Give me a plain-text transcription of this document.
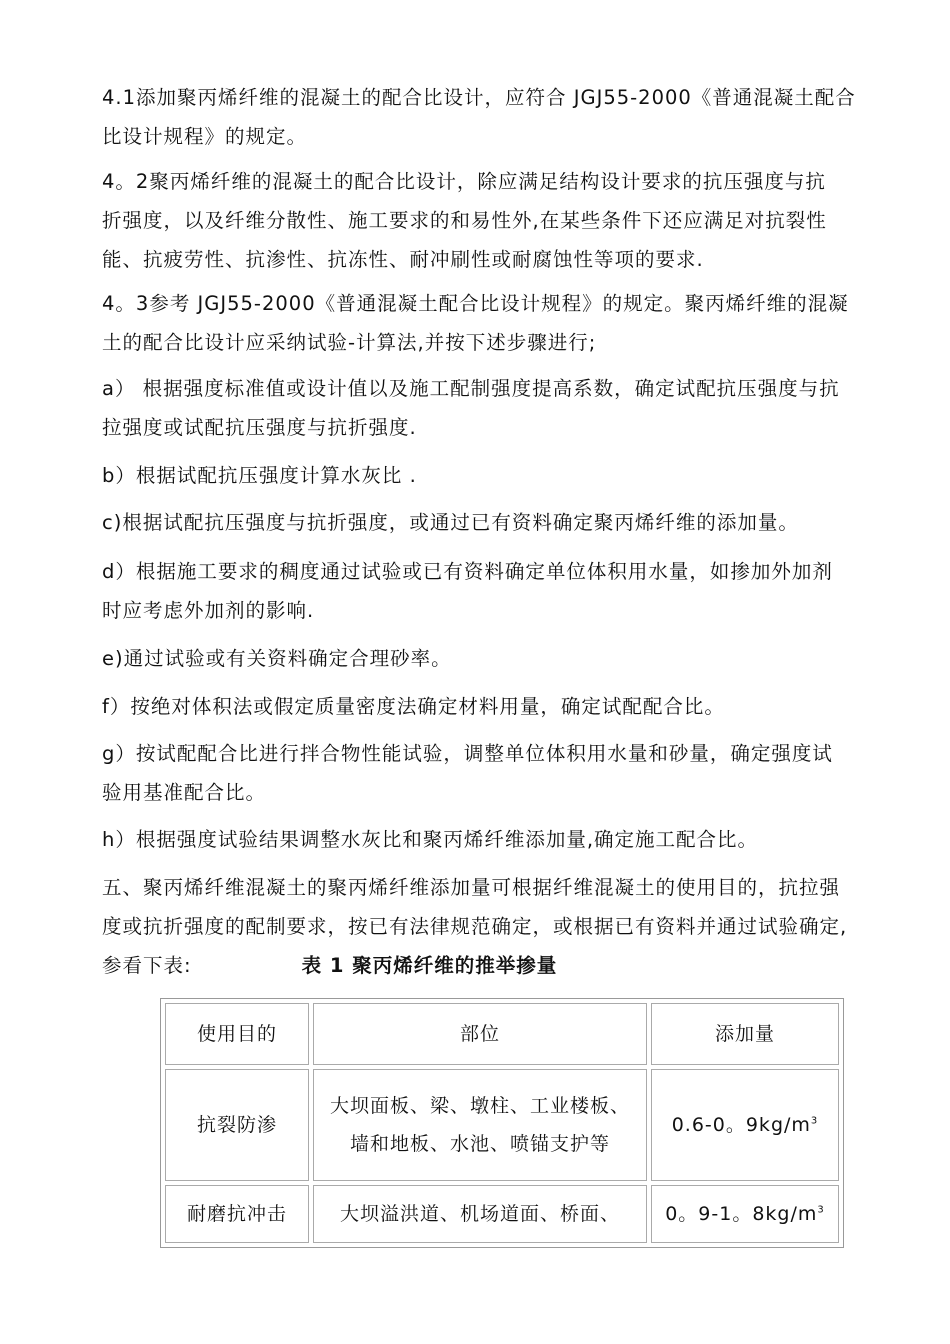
4.1添加聚丙烯纤维的混凝土的配合比设计，应符合 JGJ55-2000《普通混凝土配合
比设计规程》的规定。

4。2聚丙烯纤维的混凝土的配合比设计，除应满足结构设计要求的抗压强度与抗
折强度，以及纤维分散性、施工要求的和易性外,在某些条件下还应满足对抗裂性
能、抗疲劳性、抗渗性、抗冻性、耐冲刷性或耐腐蚀性等项的要求.

4。3参考 JGJ55-2000《普通混凝土配合比设计规程》的规定。聚丙烯纤维的混凝
土的配合比设计应采纳试验-计算法,并按下述步骤进行;

a） 根据强度标准值或设计值以及施工配制强度提高系数，确定试配抗压强度与抗
拉强度或试配抗压强度与抗折强度.

b）根据试配抗压强度计算水灰比 .

c)根据试配抗压强度与抗折强度，或通过已有资料确定聚丙烯纤维的添加量。

d）根据施工要求的稠度通过试验或已有资料确定单位体积用水量，如掺加外加剂
时应考虑外加剂的影响.

e)通过试验或有关资料确定合理砂率。

f）按绝对体积法或假定质量密度法确定材料用量，确定试配配合比。

g）按试配配合比进行拌合物性能试验，调整单位体积用水量和砂量，确定强度试
验用基准配合比。

h）根据强度试验结果调整水灰比和聚丙烯纤维添加量,确定施工配合比。

五、聚丙烯纤维混凝土的聚丙烯纤维添加量可根据纤维混凝土的使用目的，抗拉强
度或抗折强度的配制要求，按已有法律规范确定，或根据已有资料并通过试验确定,
参看下表:	表 1 聚丙烯纤维的推举掺量

使用目的	部位	添加量
抗裂防渗	大坝面板、梁、墩柱、工业楼板、
墙和地板、水池、喷锚支护等	0.6-0。$9kg/m^3$
耐磨抗冲击	大坝溢洪道、机场道面、桥面、	0。9-1。$8kg/m^3$
